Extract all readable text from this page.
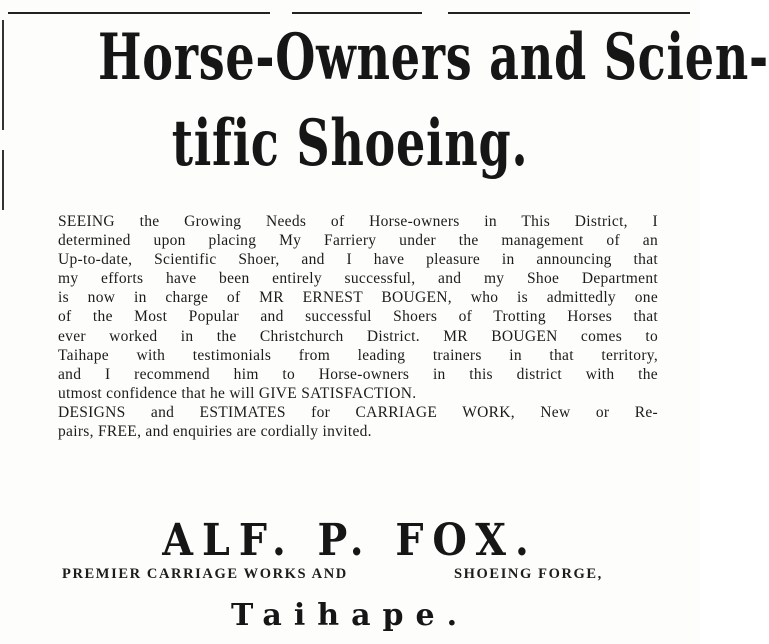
Horse-Owners and Scien-
tific Shoeing.
SEEING the Growing Needs of Horse-owners in This District, I
determined upon placing My Farriery under the management of an
Up-to-date, Scientific Shoer, and I have pleasure in announcing that
my efforts have been entirely successful, and my Shoe Department
is now in charge of MR ERNEST BOUGEN, who is admittedly one
of the Most Popular and successful Shoers of Trotting Horses that
ever worked in the Christchurch District. MR BOUGEN comes to
Taihape with testimonials from leading trainers in that territory,
and I recommend him to Horse-owners in this district with the
utmost confidence that he will GIVE SATISFACTION.
DESIGNS and ESTIMATES for CARRIAGE WORK, New or Re-
pairs, FREE, and enquiries are cordially invited.
ALF. P. FOX.
PREMIER CARRIAGE WORKS AND	SHOEING FORGE,
Taihape.
